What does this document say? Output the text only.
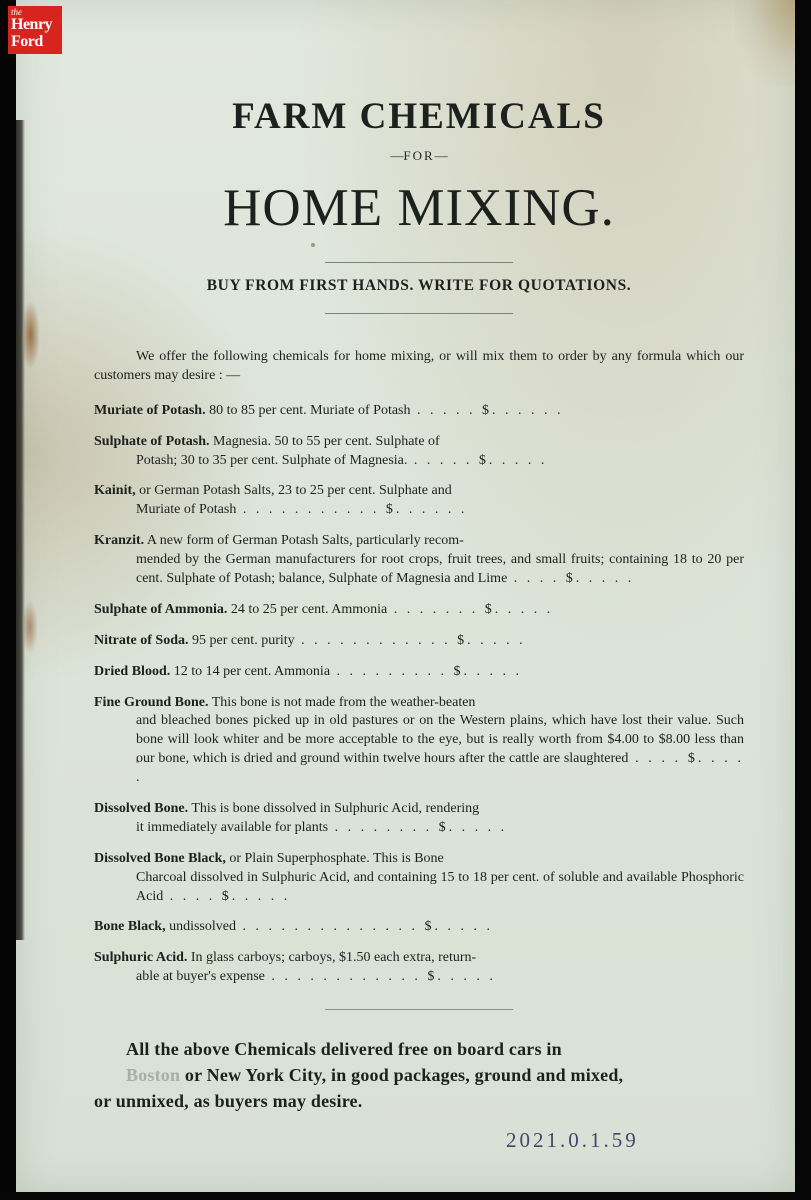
FARM CHEMICALS
—FOR—
HOME MIXING.
BUY FROM FIRST HANDS. WRITE FOR QUOTATIONS.

We offer the following chemicals for home mixing, or will mix them to order by any formula which our customers may desire : —

Muriate of Potash. 80 to 85 per cent. Muriate of Potash . . . . . $. . . . . .
Sulphate of Potash. Magnesia. 50 to 55 per cent. Sulphate of
Potash; 30 to 35 per cent. Sulphate of Magnesia. . . . . . $. . . . .
Kainit, or German Potash Salts, 23 to 25 per cent. Sulphate and
Muriate of Potash . . . . . . . . . . . $. . . . . .
Kranzit. A new form of German Potash Salts, particularly recom-
mended by the German manufacturers for root crops, fruit trees, and small fruits; containing 18 to 20 per cent. Sulphate of Potash; balance, Sulphate of Magnesia and Lime . . . . $. . . . .
Sulphate of Ammonia. 24 to 25 per cent. Ammonia . . . . . . . $. . . . .
Nitrate of Soda. 95 per cent. purity . . . . . . . . . . . . $. . . . .
Dried Blood. 12 to 14 per cent. Ammonia . . . . . . . . . $. . . . .
Fine Ground Bone. This bone is not made from the weather-beaten
and bleached bones picked up in old pastures or on the Western plains, which have lost their value. Such bone will look whiter and be more acceptable to the eye, but is really worth from $4.00 to $8.00 less than our bone, which is dried and ground within twelve hours after the cattle are slaughtered . . . . $. . . . .
Dissolved Bone. This is bone dissolved in Sulphuric Acid, rendering
it immediately available for plants . . . . . . . . $. . . . .
Dissolved Bone Black, or Plain Superphosphate. This is Bone
Charcoal dissolved in Sulphuric Acid, and containing 15 to 18 per cent. of soluble and available Phosphoric Acid . . . . $. . . . .
Bone Black, undissolved . . . . . . . . . . . . . . $. . . . .
Sulphuric Acid. In glass carboys; carboys, $1.50 each extra, return-
able at buyer's expense . . . . . . . . . . . . $. . . . .
All the above Chemicals delivered free on board cars in
Boston or New York City, in good packages, ground and mixed,
or unmixed, as buyers may desire.
2021.0.1.59
the
Henry
Ford
